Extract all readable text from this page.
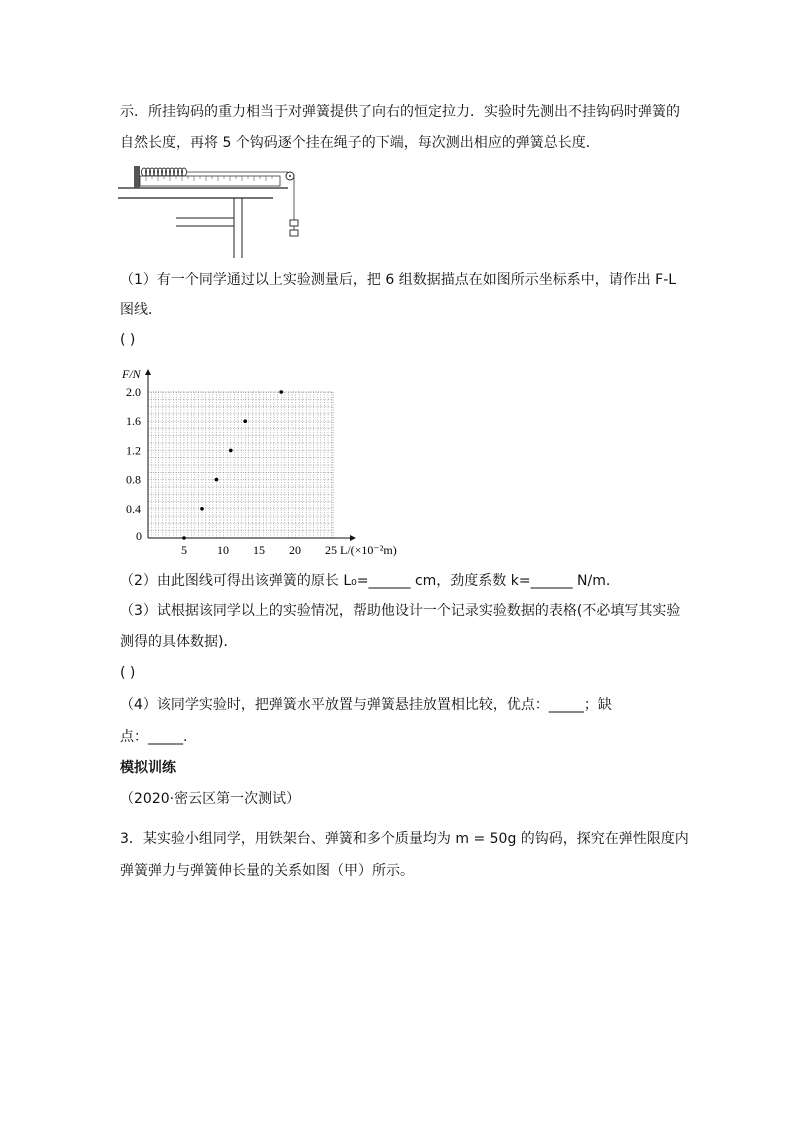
示．所挂钩码的重力相当于对弹簧提供了向右的恒定拉力．实验时先测出不挂钩码时弹簧的
自然长度，再将 5 个钩码逐个挂在绳子的下端，每次测出相应的弹簧总长度．
（1）有一个同学通过以上实验测量后，把 6 组数据描点在如图所示坐标系中，请作出 F-L
图线．
( )
F/N
L/(×10⁻²m)
0
5	10 15 20 25
0.4
0.8
1.2
1.6
2.0
（2）由此图线可得出该弹簧的原长 L₀=______ cm，劲度系数 k=______ N/m.
（3）试根据该同学以上的实验情况，帮助他设计一个记录实验数据的表格(不必填写其实验
测得的具体数据)．
( )
（4）该同学实验时，把弹簧水平放置与弹簧悬挂放置相比较，优点：_____；缺
点：_____.
模拟训练
（2020·密云区第一次测试）
3．某实验小组同学，用铁架台、弹簧和多个质量均为 m = 50g 的钩码，探究在弹性限度内
弹簧弹力与弹簧伸长量的关系如图（甲）所示。
